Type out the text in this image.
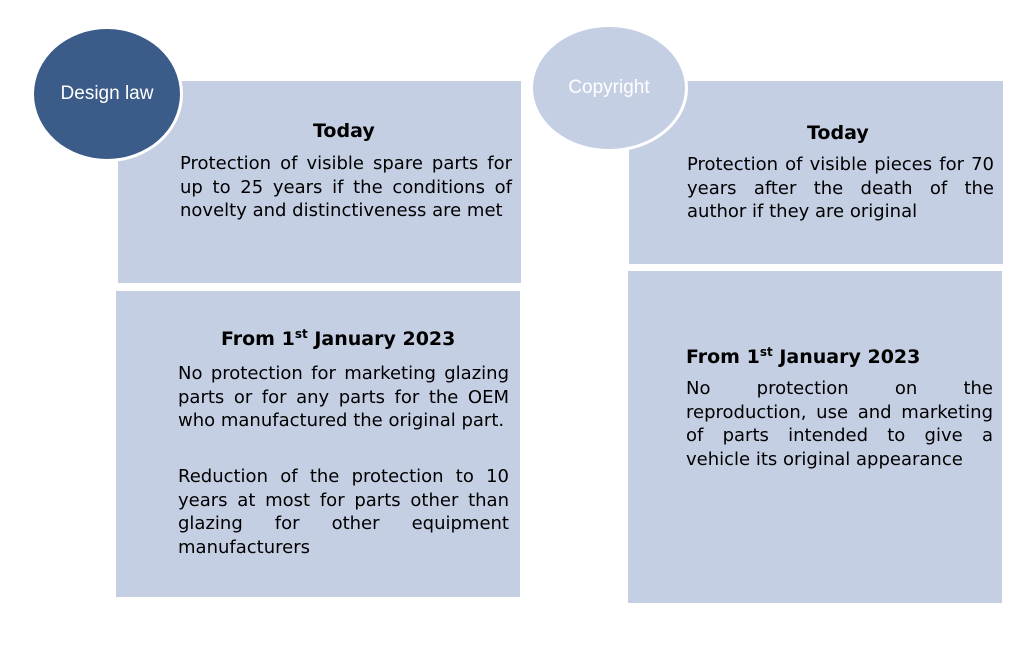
Today

Protection of visible spare parts for up to 25 years if the conditions of novelty and distinctiveness are met

From 1st January 2023

No protection for marketing glazing parts or for any parts for the OEM who manufactured the original part.

Reduction of the protection to 10 years at most for parts other than glazing for other equipment manufacturers

Design law
Today

Protection of visible pieces for 70 years after the death of the author if they are original

From 1st January 2023

No protection on the reproduction, use and marketing of parts intended to give a vehicle its original appearance

Copyright
